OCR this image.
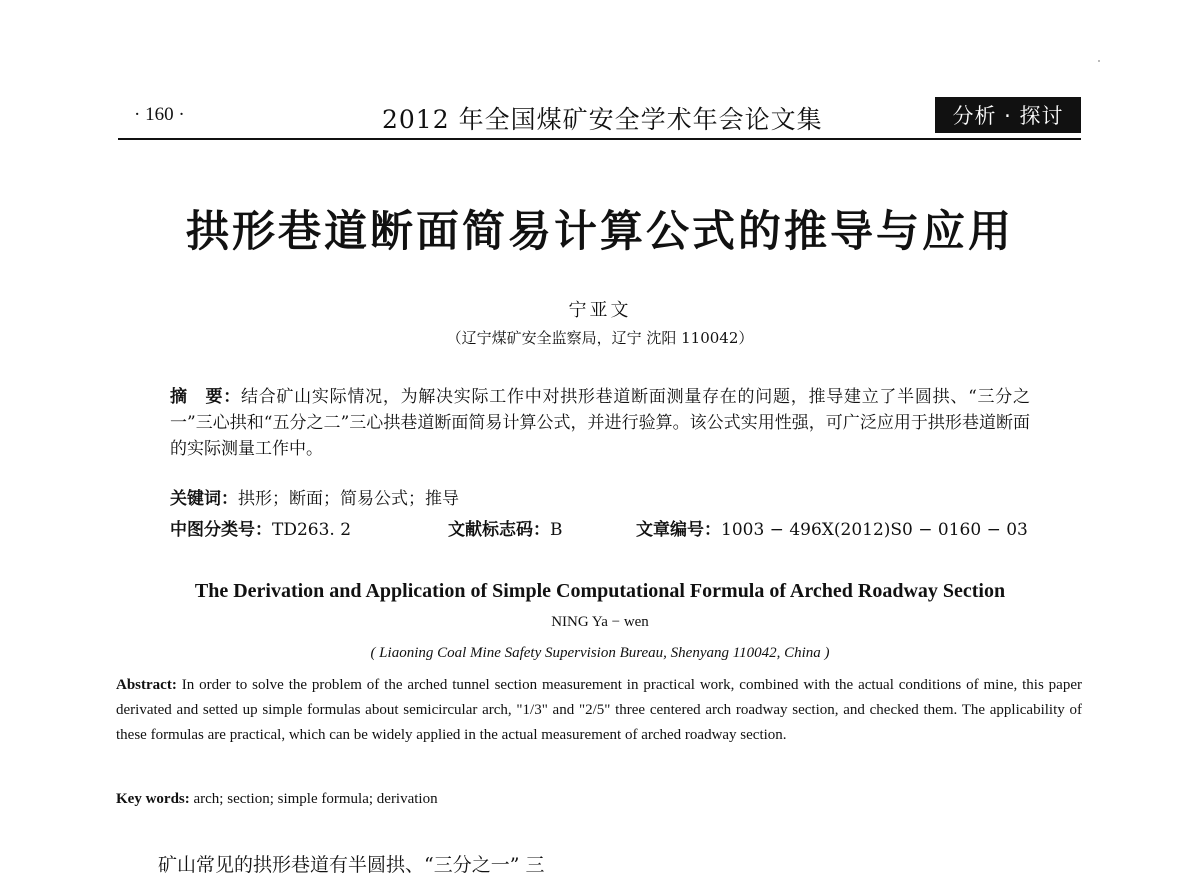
· 160 ·	2012 年全国煤矿安全学术年会论文集	分析 · 探讨
拱形巷道断面简易计算公式的推导与应用
宁亚文
（辽宁煤矿安全监察局，辽宁 沈阳 110042）
摘　要：结合矿山实际情况，为解决实际工作中对拱形巷道断面测量存在的问题，推导建立了半圆拱、“三分之一”三心拱和“五分之二”三心拱巷道断面简易计算公式，并进行验算。该公式实用性强，可广泛应用于拱形巷道断面的实际测量工作中。
关键词：拱形；断面；简易公式；推导
中图分类号：TD263. 2	文献标志码：B	文章编号：1003 − 496X(2012)S0 − 0160 − 03
The Derivation and Application of Simple Computational Formula of Arched Roadway Section
NING Ya − wen
( Liaoning Coal Mine Safety Supervision Bureau, Shenyang 110042, China )
Abstract: In order to solve the problem of the arched tunnel section measurement in practical work, combined with the actual conditions of mine, this paper derivated and setted up simple formulas about semicircular arch, "1/3" and "2/5" three centered arch roadway section, and checked them. The applicability of these formulas are practical, which can be widely applied in the actual measurement of arched roadway section.
Key words: arch; section; simple formula; derivation
矿山常见的拱形巷道有半圆拱、“三分之一” 三
